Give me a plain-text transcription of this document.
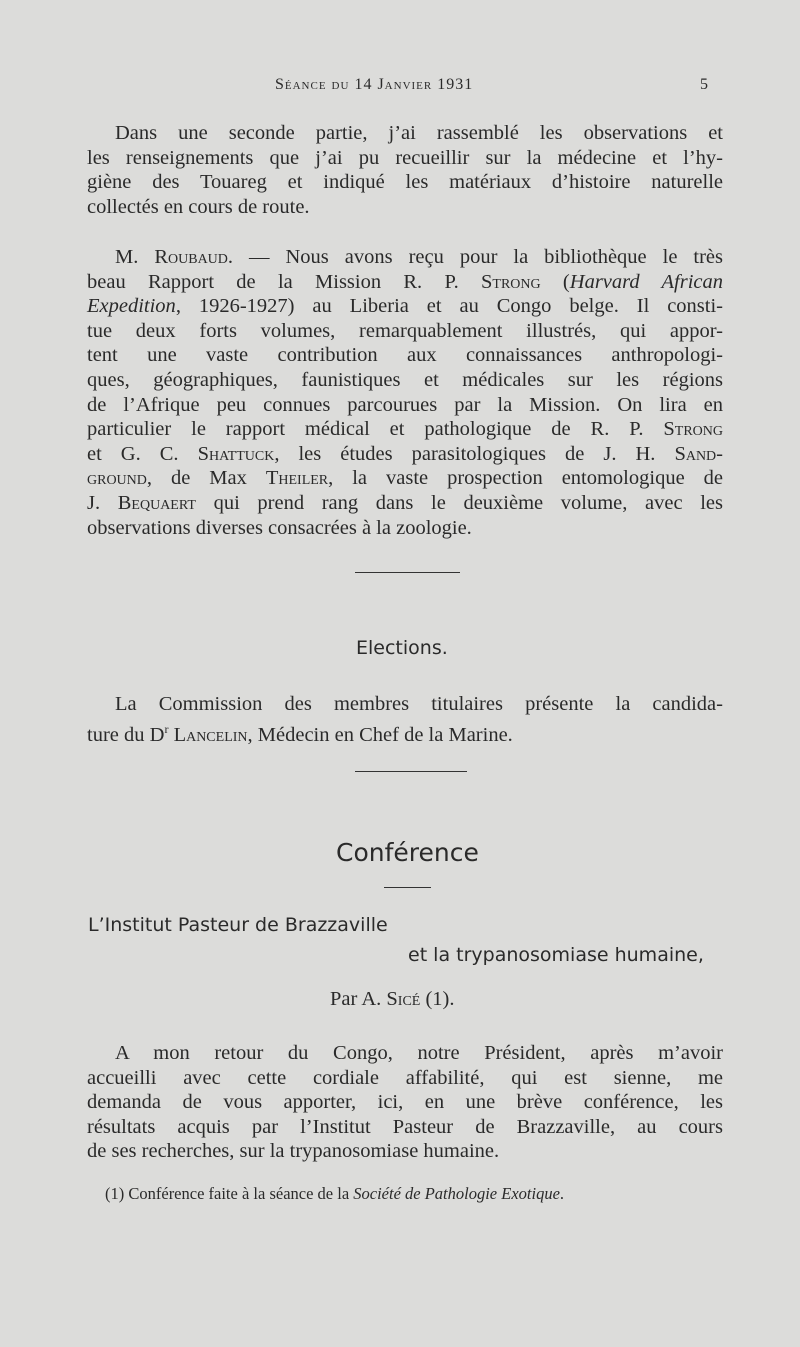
Séance du 14 Janvier 1931	5
Dans une seconde partie, j’ai rassemblé les observations et
les renseignements que j’ai pu recueillir sur la médecine et l’hy-
giène des Touareg et indiqué les matériaux d’histoire naturelle
collectés en cours de route.
M. Roubaud. — Nous avons reçu pour la bibliothèque le très
beau Rapport de la Mission R. P. Strong (Harvard African
Expedition, 1926-1927) au Liberia et au Congo belge. Il consti-
tue deux forts volumes, remarquablement illustrés, qui appor-
tent une vaste contribution aux connaissances anthropologi-
ques, géographiques, faunistiques et médicales sur les régions
de l’Afrique peu connues parcourues par la Mission. On lira en
particulier le rapport médical et pathologique de R. P. Strong
et G. C. Shattuck, les études parasitologiques de J. H. Sand-
ground, de Max Theiler, la vaste prospection entomologique de
J. Bequaert qui prend rang dans le deuxième volume, avec les
observations diverses consacrées à la zoologie.
Elections.
La Commission des membres titulaires présente la candida-
ture du $D^r$ Lancelin, Médecin en Chef de la Marine.
Conférence
L’Institut Pasteur de Brazzaville
et la trypanosomiase humaine,
Par A. Sicé (1).
A mon retour du Congo, notre Président, après m’avoir
accueilli avec cette cordiale affabilité, qui est sienne, me
demanda de vous apporter, ici, en une brève conférence, les
résultats acquis par l’Institut Pasteur de Brazzaville, au cours
de ses recherches, sur la trypanosomiase humaine.
(1) Conférence faite à la séance de la Société de Pathologie Exotique.
